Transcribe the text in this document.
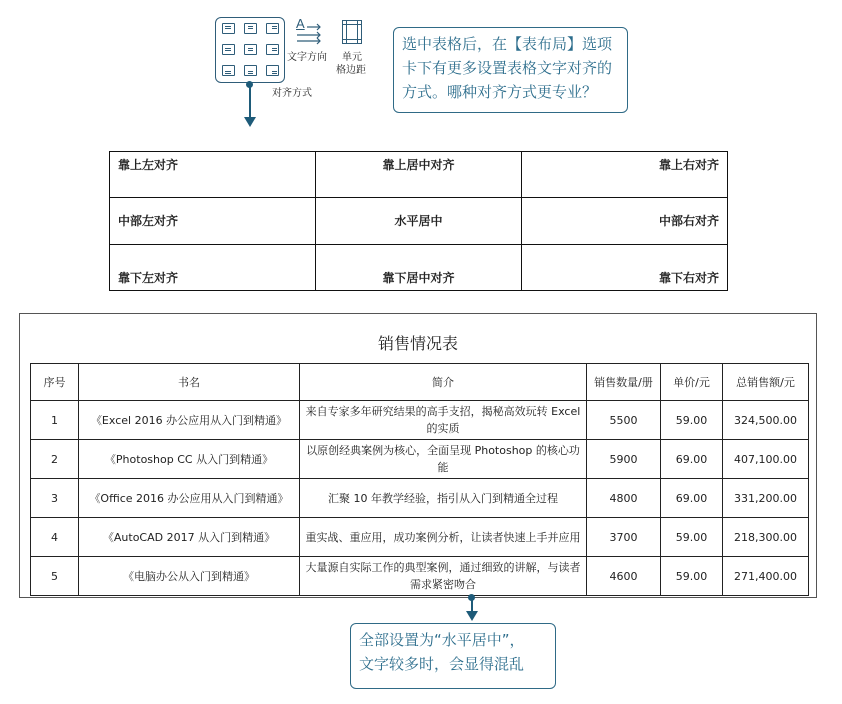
A
文字方向 单元
格边距
对齐方式
选中表格后，在【表布局】选项
卡下有更多设置表格文字对齐的
方式。哪种对齐方式更专业？
靠上左对齐	靠上居中对齐	靠上右对齐
中部左对齐	水平居中	中部右对齐
靠下左对齐	靠下居中对齐	靠下右对齐
销售情况表
序号	书名	简介	销售数量/册	单价/元	总销售额/元
1	《Excel 2016 办公应用从入门到精通》	来自专家多年研究结果的高手支招，揭秘高效玩转 Excel 的实质	5500	59.00	324,500.00
2	《Photoshop CC 从入门到精通》	以原创经典案例为核心，全面呈现 Photoshop 的核心功能	5900	69.00	407,100.00
3	《Office 2016 办公应用从入门到精通》	汇聚 10 年教学经验，指引从入门到精通全过程	4800	69.00	331,200.00
4	《AutoCAD 2017 从入门到精通》	重实战、重应用，成功案例分析，让读者快速上手并应用	3700	59.00	218,300.00
5	《电脑办公从入门到精通》	大量源自实际工作的典型案例，通过细致的讲解，与读者需求紧密吻合	4600	59.00	271,400.00
全部设置为“水平居中”，
文字较多时，会显得混乱
